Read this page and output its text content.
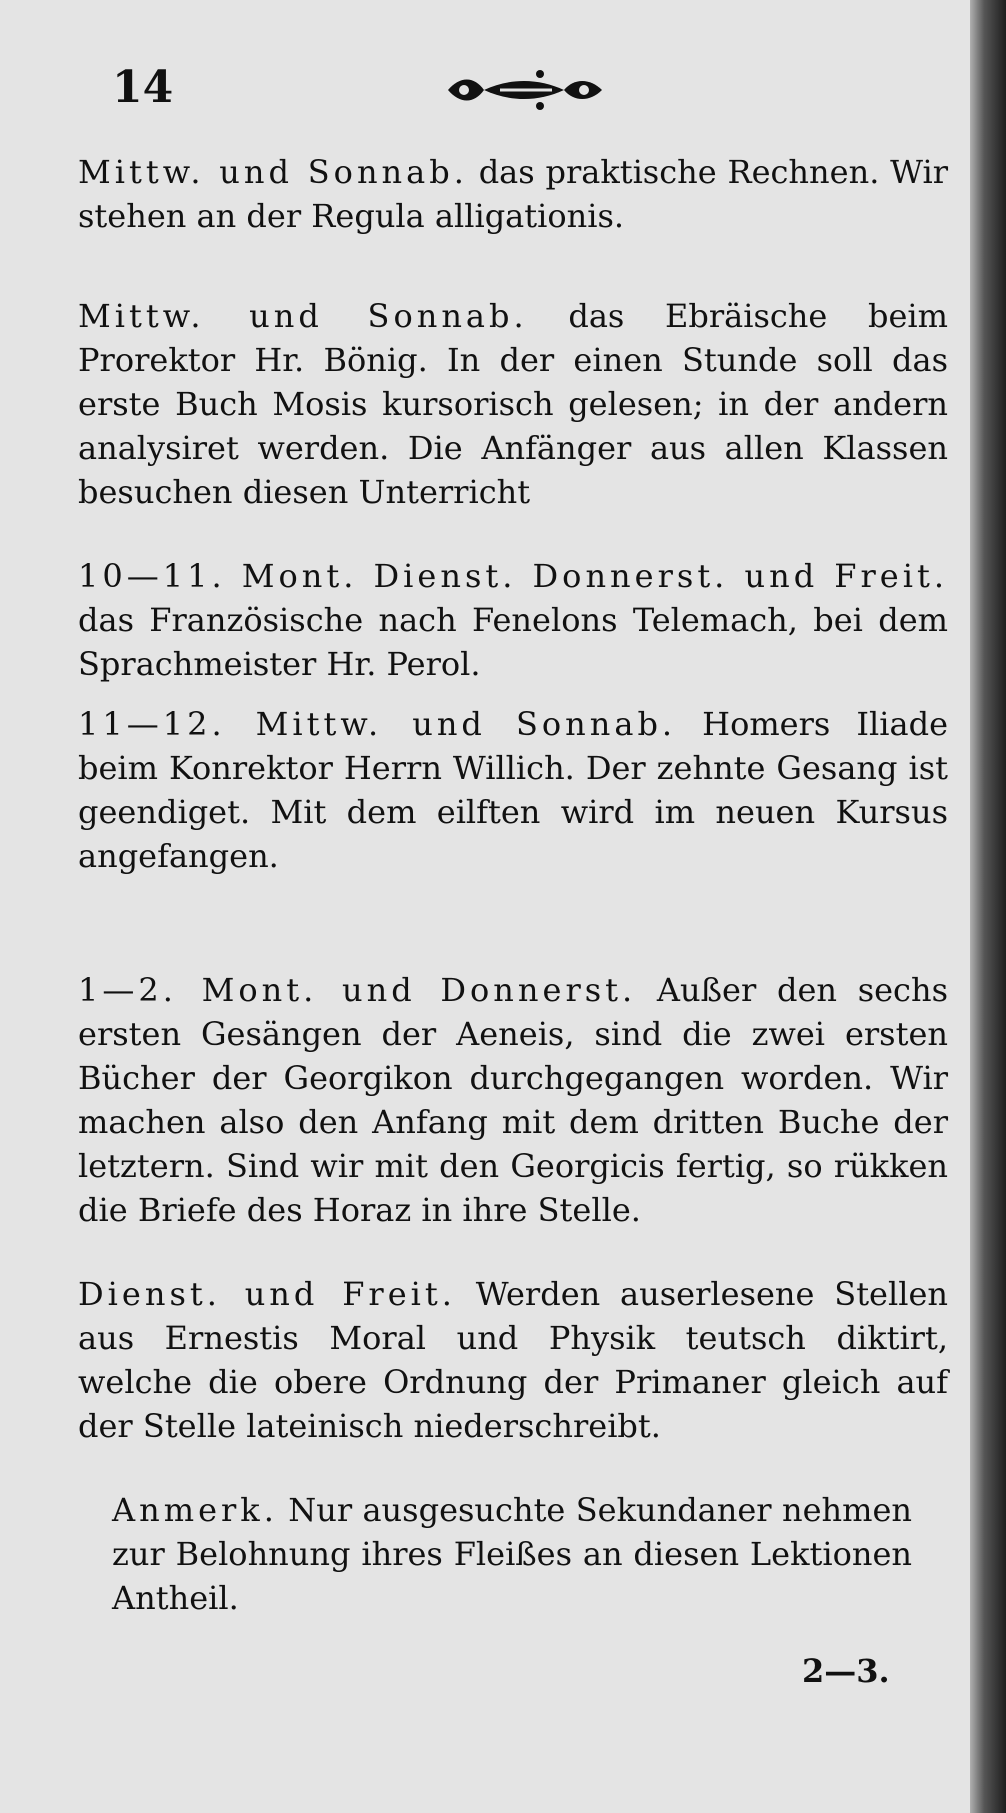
14

Mittw. und Sonnab. das praktische Rechnen. Wir stehen an der Regula alligationis.

Mittw. und Sonnab. das Ebräische beim Prorektor Hr. Bönig. In der einen Stunde soll das erste Buch Mosis kursorisch gelesen; in der andern analysiret werden. Die Anfänger aus allen Klassen besuchen diesen Unterricht

10—11. Mont. Dienst. Donnerst. und Freit. das Französische nach Fenelons Telemach, bei dem Sprachmeister Hr. Perol.

11—12. Mittw. und Sonnab. Homers Iliade beim Konrektor Herrn Willich. Der zehnte Gesang ist geendiget. Mit dem eilften wird im neuen Kursus angefangen.

1—2. Mont. und Donnerst. Außer den sechs ersten Gesängen der Aeneis, sind die zwei ersten Bücher der Georgikon durchgegangen worden. Wir machen also den Anfang mit dem dritten Buche der letztern. Sind wir mit den Georgicis fertig, so rükken die Briefe des Horaz in ihre Stelle.

Dienst. und Freit. Werden auserlesene Stellen aus Ernestis Moral und Physik teutsch diktirt, welche die obere Ordnung der Primaner gleich auf der Stelle lateinisch niederschreibt.

Anmerk. Nur ausgesuchte Sekundaner nehmen zur Belohnung ihres Fleißes an diesen Lektionen Antheil.

2—3.
